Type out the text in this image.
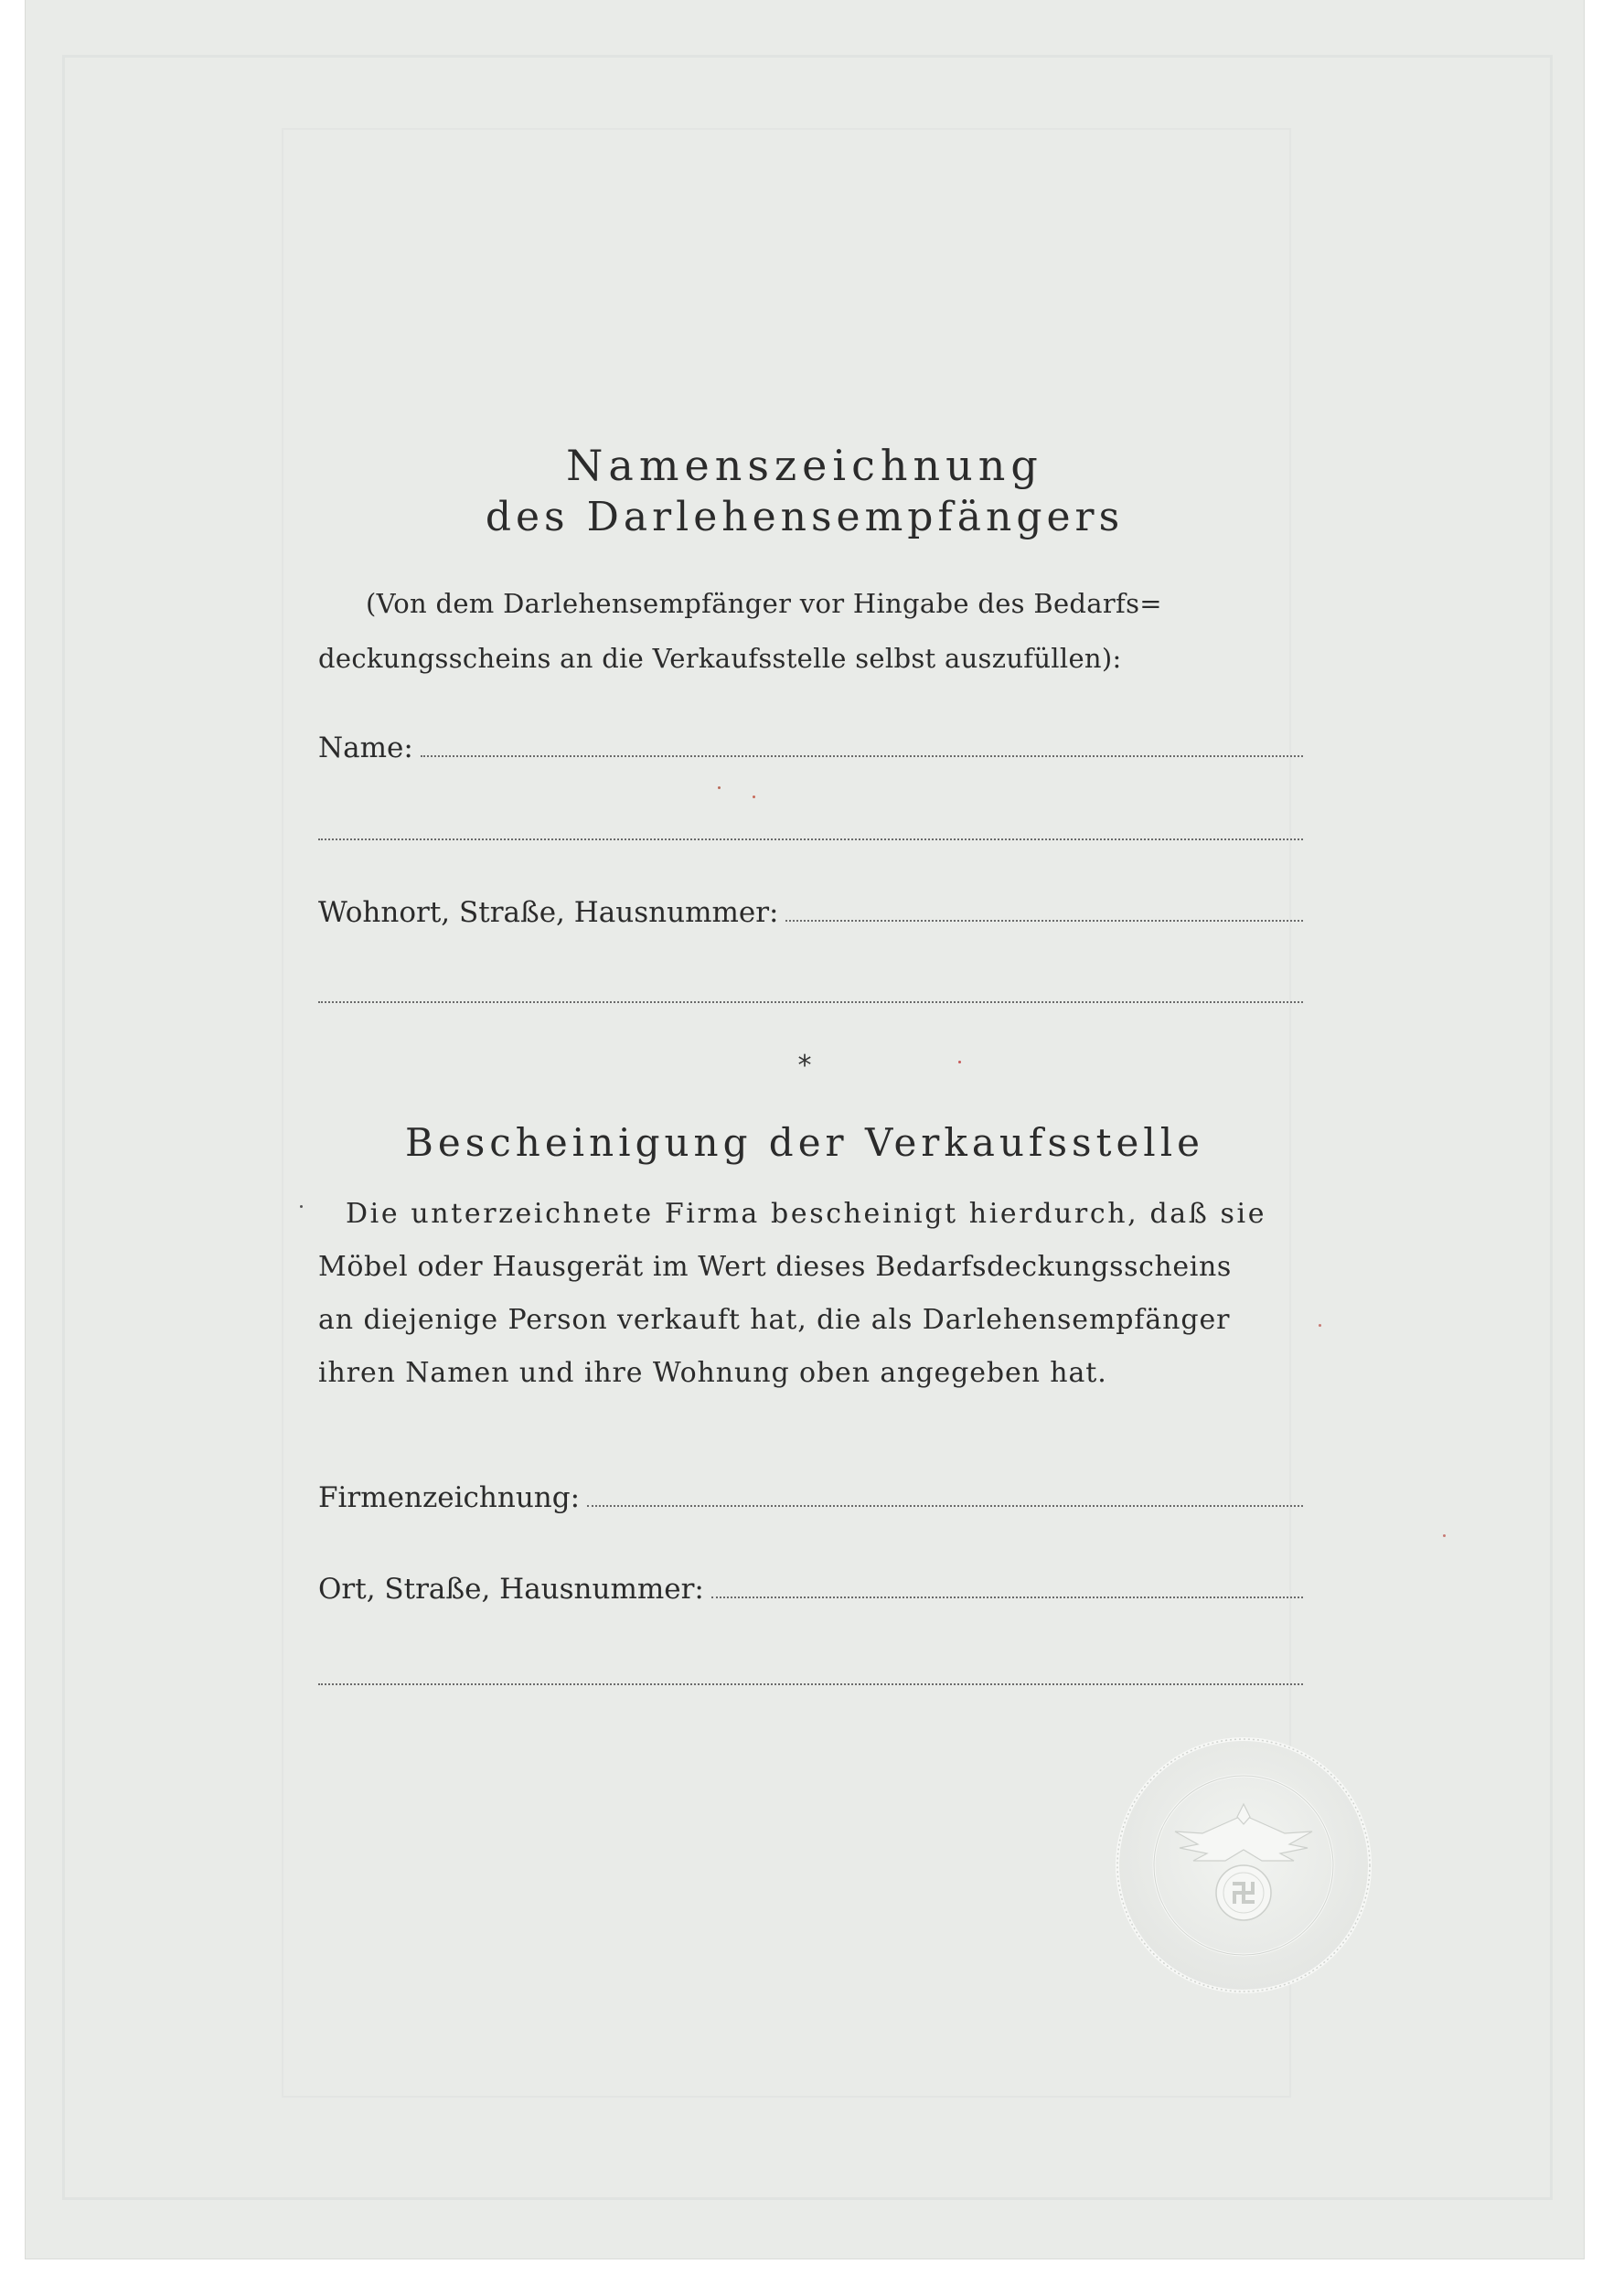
Namenszeichnung
des Darlehensempfängers
(Von dem Darlehensempfänger vor Hingabe des Bedarfs=
deckungsscheins an die Verkaufsstelle selbst auszufüllen):
Name:
Wohnort, Straße, Hausnummer:
*
Bescheinigung der Verkaufsstelle
Die unterzeichnete Firma bescheinigt hierdurch, daß sie
Möbel oder Hausgerät im Wert dieses Bedarfsdeckungsscheins
an diejenige Person verkauft hat, die als Darlehensempfänger
ihren Namen und ihre Wohnung oben angegeben hat.
Firmenzeichnung:
Ort, Straße, Hausnummer:
